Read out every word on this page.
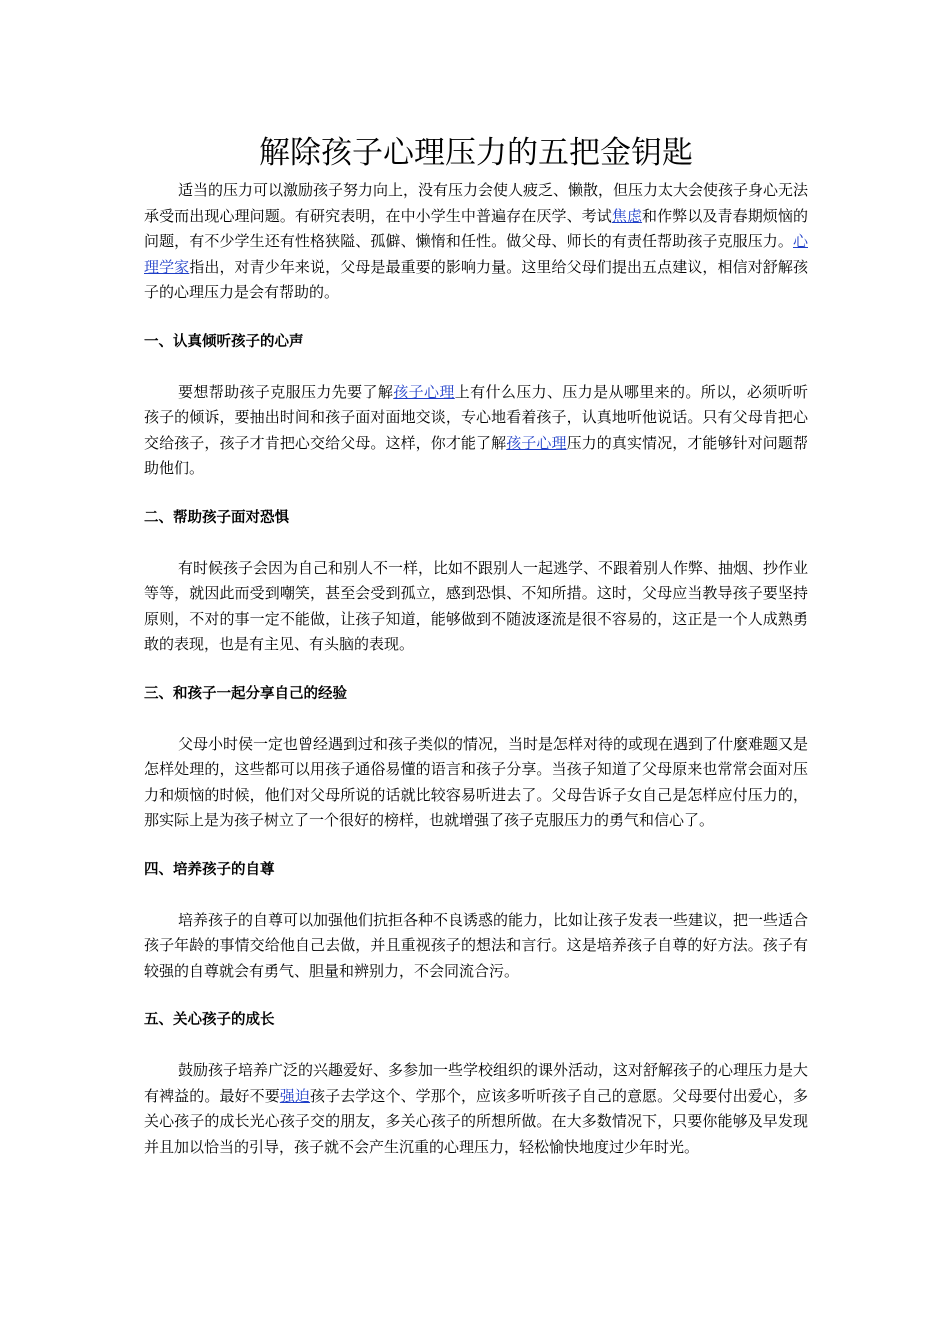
解除孩子心理压力的五把金钥匙

适当的压力可以激励孩子努力向上，没有压力会使人疲乏、懒散，但压力太大会使孩子身心无法承受而出现心理问题。有研究表明，在中小学生中普遍存在厌学、考试焦虑和作弊以及青春期烦恼的问题，有不少学生还有性格狭隘、孤僻、懒惰和任性。做父母、师长的有责任帮助孩子克服压力。心理学家指出，对青少年来说，父母是最重要的影响力量。这里给父母们提出五点建议，相信对舒解孩子的心理压力是会有帮助的。

一、认真倾听孩子的心声

要想帮助孩子克服压力先要了解孩子心理上有什么压力、压力是从哪里来的。所以，必须听听孩子的倾诉，要抽出时间和孩子面对面地交谈，专心地看着孩子，认真地听他说话。只有父母肯把心交给孩子，孩子才肯把心交给父母。这样，你才能了解孩子心理压力的真实情况，才能够针对问题帮助他们。

二、帮助孩子面对恐惧

有时候孩子会因为自己和别人不一样，比如不跟别人一起逃学、不跟着别人作弊、抽烟、抄作业等等，就因此而受到嘲笑，甚至会受到孤立，感到恐惧、不知所措。这时，父母应当教导孩子要坚持原则，不对的事一定不能做，让孩子知道，能够做到不随波逐流是很不容易的，这正是一个人成熟勇敢的表现，也是有主见、有头脑的表现。

三、和孩子一起分享自己的经验

父母小时侯一定也曾经遇到过和孩子类似的情况，当时是怎样对待的或现在遇到了什麼难题又是怎样处理的，这些都可以用孩子通俗易懂的语言和孩子分享。当孩子知道了父母原来也常常会面对压力和烦恼的时候，他们对父母所说的话就比较容易听进去了。父母告诉子女自己是怎样应付压力的，那实际上是为孩子树立了一个很好的榜样，也就增强了孩子克服压力的勇气和信心了。

四、培养孩子的自尊

培养孩子的自尊可以加强他们抗拒各种不良诱惑的能力，比如让孩子发表一些建议，把一些适合孩子年龄的事情交给他自己去做，并且重视孩子的想法和言行。这是培养孩子自尊的好方法。孩子有较强的自尊就会有勇气、胆量和辨别力，不会同流合污。

五、关心孩子的成长

鼓励孩子培养广泛的兴趣爱好、多参加一些学校组织的课外活动，这对舒解孩子的心理压力是大有裨益的。最好不要强迫孩子去学这个、学那个，应该多听听孩子自己的意愿。父母要付出爱心，多关心孩子的成长光心孩子交的朋友，多关心孩子的所想所做。在大多数情况下，只要你能够及早发现并且加以恰当的引导，孩子就不会产生沉重的心理压力，轻松愉快地度过少年时光。
